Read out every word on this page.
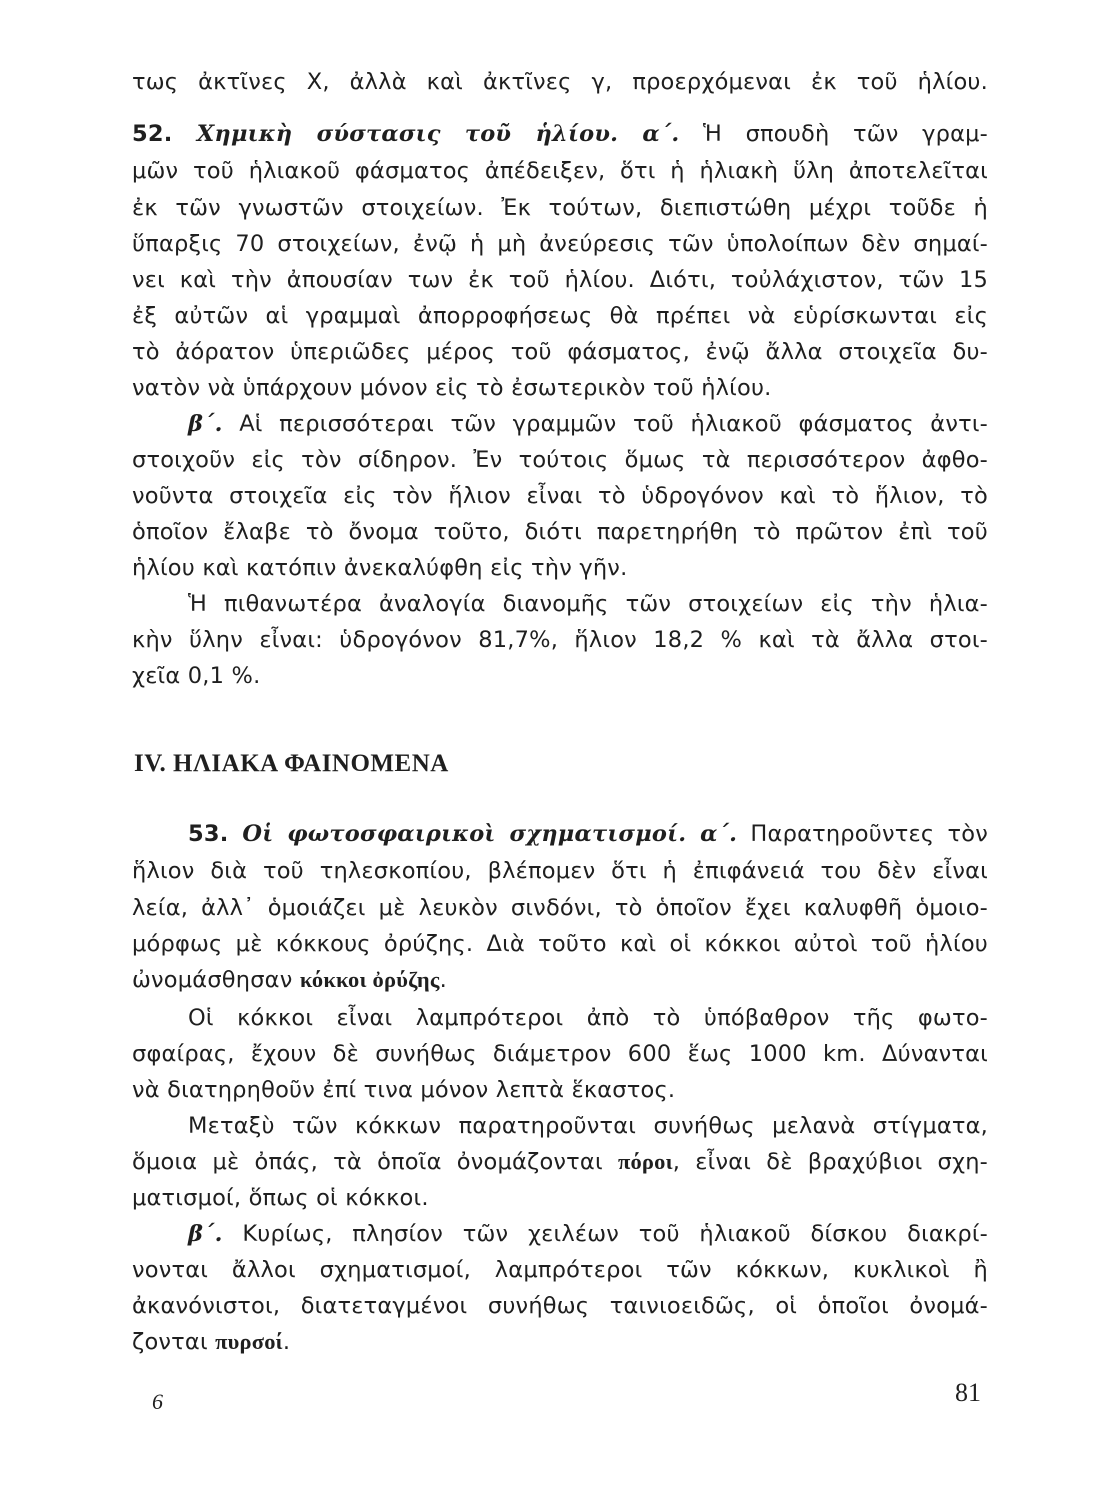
τως ἀκτῖνες X, ἀλλὰ καὶ ἀκτῖνες γ, προερχόμεναι ἐκ τοῦ ἡλίου.
52. Χημικὴ σύστασις τοῦ ἡλίου. α΄. Ἡ σπουδὴ τῶν γραμ-
μῶν τοῦ ἡλιακοῦ φάσματος ἀπέδειξεν, ὅτι ἡ ἡλιακὴ ὕλη ἀποτελεῖται
ἐκ τῶν γνωστῶν στοιχείων. Ἐκ τούτων, διεπιστώθη μέχρι τοῦδε ἡ
ὕπαρξις 70 στοιχείων, ἐνῷ ἡ μὴ ἀνεύρεσις τῶν ὑπολοίπων δὲν σημαί-
νει καὶ τὴν ἀπουσίαν των ἐκ τοῦ ἡλίου. Διότι, τοὐλάχιστον, τῶν 15
ἐξ αὐτῶν αἱ γραμμαὶ ἀπορροφήσεως θὰ πρέπει νὰ εὑρίσκωνται εἰς
τὸ ἀόρατον ὑπεριῶδες μέρος τοῦ φάσματος, ἐνῷ ἄλλα στοιχεῖα δυ-
νατὸν νὰ ὑπάρχουν μόνον εἰς τὸ ἐσωτερικὸν τοῦ ἡλίου.
β΄. Αἱ περισσότεραι τῶν γραμμῶν τοῦ ἡλιακοῦ φάσματος ἀντι-
στοιχοῦν εἰς τὸν σίδηρον. Ἐν τούτοις ὅμως τὰ περισσότερον ἀφθο-
νοῦντα στοιχεῖα εἰς τὸν ἥλιον εἶναι τὸ ὑδρογόνον καὶ τὸ ἥλιον, τὸ
ὁποῖον ἔλαβε τὸ ὄνομα τοῦτο, διότι παρετηρήθη τὸ πρῶτον ἐπὶ τοῦ
ἡλίου καὶ κατόπιν ἀνεκαλύφθη εἰς τὴν γῆν.
Ἡ πιθανωτέρα ἀναλογία διανομῆς τῶν στοιχείων εἰς τὴν ἡλια-
κὴν ὕλην εἶναι: ὑδρογόνον 81,7%, ἥλιον 18,2 % καὶ τὰ ἄλλα στοι-
χεῖα 0,1 %.
IV. ΗΛΙΑΚΑ ΦΑΙΝΟΜΕΝΑ
53. Οἱ φωτοσφαιρικοὶ σχηματισμοί. α΄. Παρατηροῦντες τὸν
ἥλιον διὰ τοῦ τηλεσκοπίου, βλέπομεν ὅτι ἡ ἐπιφάνειά του δὲν εἶναι
λεία, ἀλλ᾽ ὁμοιάζει μὲ λευκὸν σινδόνι, τὸ ὁποῖον ἔχει καλυφθῆ ὁμοιο-
μόρφως μὲ κόκκους ὀρύζης. Διὰ τοῦτο καὶ οἱ κόκκοι αὐτοὶ τοῦ ἡλίου
ὠνομάσθησαν κόκκοι ὀρύζης.
Οἱ κόκκοι εἶναι λαμπρότεροι ἀπὸ τὸ ὑπόβαθρον τῆς φωτο-
σφαίρας, ἔχουν δὲ συνήθως διάμετρον 600 ἕως 1000 km. Δύνανται
νὰ διατηρηθοῦν ἐπί τινα μόνον λεπτὰ ἕκαστος.
Μεταξὺ τῶν κόκκων παρατηροῦνται συνήθως μελανὰ στίγματα,
ὅμοια μὲ ὀπάς, τὰ ὁποῖα ὀνομάζονται πόροι, εἶναι δὲ βραχύβιοι σχη-
ματισμοί, ὅπως οἱ κόκκοι.
β΄. Κυρίως, πλησίον τῶν χειλέων τοῦ ἡλιακοῦ δίσκου διακρί-
νονται ἄλλοι σχηματισμοί, λαμπρότεροι τῶν κόκκων, κυκλικοὶ ἢ
ἀκανόνιστοι, διατεταγμένοι συνήθως ταινιοειδῶς, οἱ ὁποῖοι ὀνομά-
ζονται πυρσοί.
6	81
